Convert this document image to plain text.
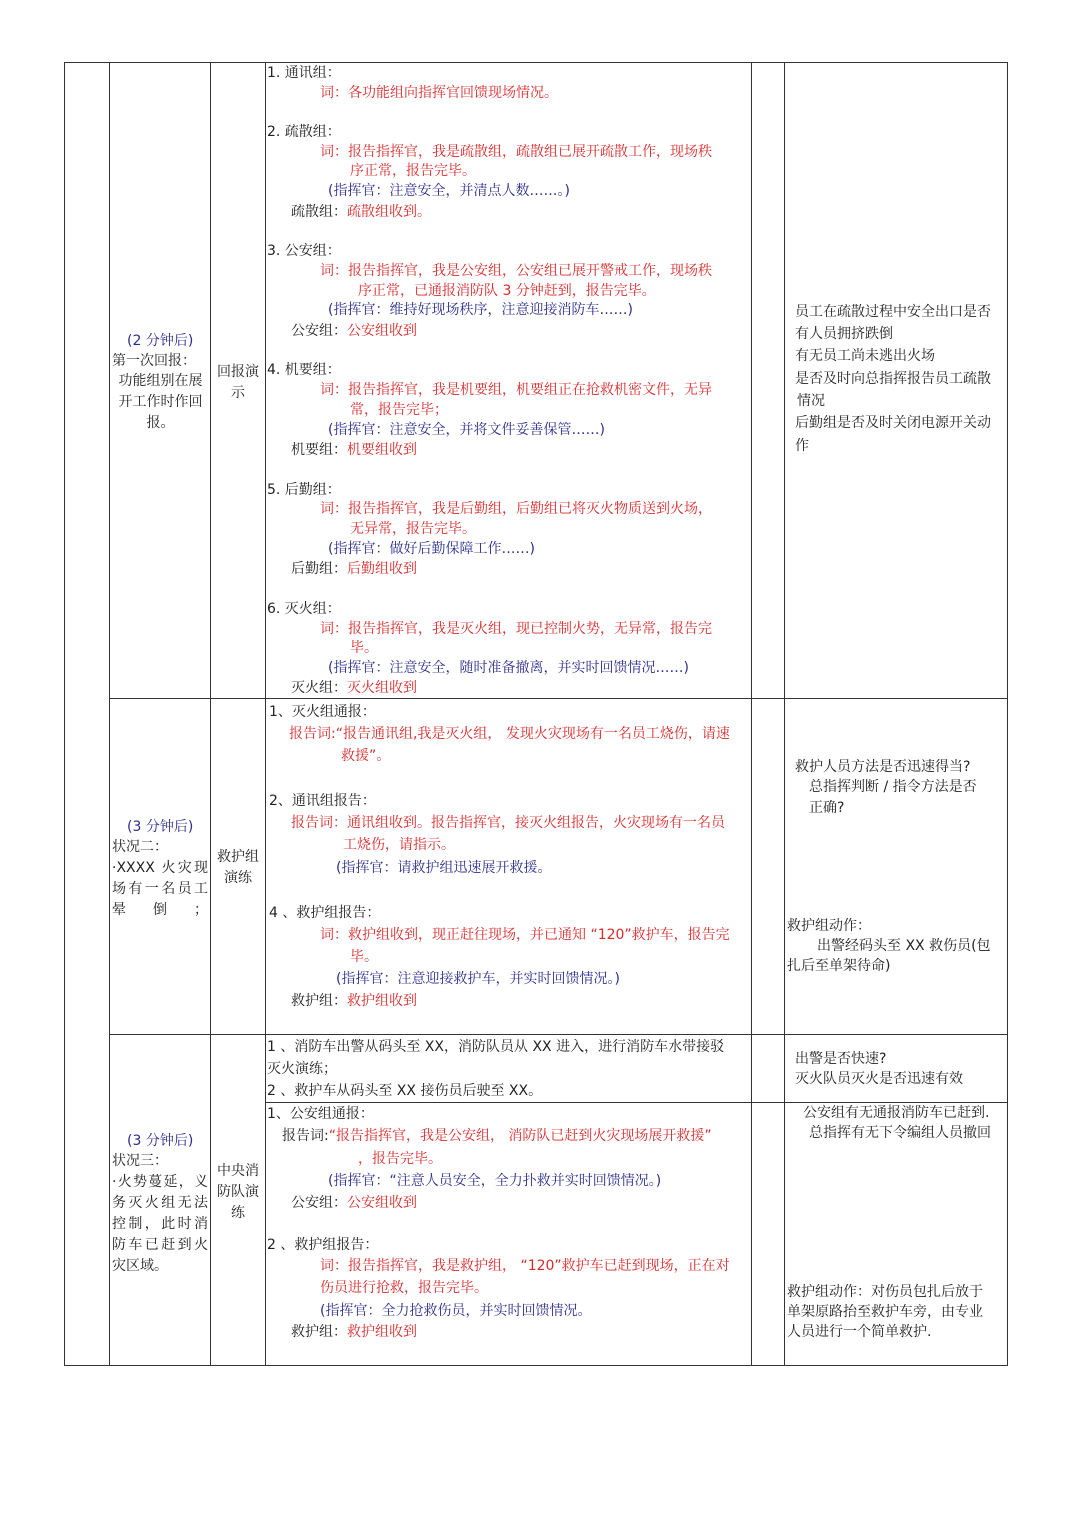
(2 分钟后)
第一次回报：
功能组别在展开工作时作回报。
回报演示
1. 通讯组：
词：各功能组向指挥官回馈现场情况。
2. 疏散组：
词：报告指挥官，我是疏散组，疏散组已展开疏散工作，现场秩
序正常，报告完毕。
(指挥官：注意安全，并清点人数……。)
疏散组：疏散组收到。
3. 公安组：
词：报告指挥官，我是公安组，公安组已展开警戒工作，现场秩
序正常，已通报消防队 3 分钟赶到，报告完毕。
(指挥官：维持好现场秩序，注意迎接消防车……)
公安组：公安组收到
4. 机要组：
词：报告指挥官，我是机要组，机要组正在抢救机密文件，无异
常，报告完毕；
(指挥官：注意安全，并将文件妥善保管……)
机要组：机要组收到
5. 后勤组：
词：报告指挥官，我是后勤组，后勤组已将灭火物质送到火场，
无异常，报告完毕。
(指挥官：做好后勤保障工作……)
后勤组：后勤组收到
6. 灭火组：
词：报告指挥官，我是灭火组，现已控制火势，无异常，报告完
毕。
(指挥官：注意安全，随时准备撤离，并实时回馈情况……)
灭火组：灭火组收到
员工在疏散过程中安全出口是否
有人员拥挤跌倒
有无员工尚未逃出火场
是否及时向总指挥报告员工疏散
情况
后勤组是否及时关闭电源开关动
作
(3 分钟后)
状况二：
·XXXX 火灾现场有一名员工晕倒；
救护组演练
1、灭火组通报：
报告词:“报告通讯组,我是灭火组， 发现火灾现场有一名员工烧伤，请速
救援”。
2、通讯组报告：
报告词：通讯组收到。报告指挥官，接灭火组报告，火灾现场有一名员
工烧伤，请指示。
(指挥官：请救护组迅速展开救援。
4 、救护组报告：
词：救护组收到，现正赶往现场，并已通知 “120”救护车，报告完
毕。
(指挥官：注意迎接救护车，并实时回馈情况。)
救护组：救护组收到
救护人员方法是否迅速得当?
总指挥判断 / 指令方法是否
正确?
救护组动作：
出警经码头至 XX 救伤员(包
扎后至单架待命)
(3 分钟后)
状况三：
·火势蔓延，义务灭火组无法控制，此时消防车已赶到火灾区域。
中央消防队演练
1 、消防车出警从码头至 XX，消防队员从 XX 进入，进行消防车水带接驳
灭火演练；
2 、救护车从码头至 XX 接伤员后驶至 XX。
出警是否快速?
灭火队员灭火是否迅速有效
1、公安组通报：
报告词:“报告指挥官，我是公安组， 消防队已赶到火灾现场展开救援”
，报告完毕。
(指挥官：“注意人员安全，全力扑救并实时回馈情况。)
公安组：公安组收到
2 、救护组报告：
词：报告指挥官，我是救护组， “120”救护车已赶到现场，正在对
伤员进行抢救，报告完毕。
(指挥官：全力抢救伤员，并实时回馈情况。
救护组：救护组收到
公安组有无通报消防车已赶到.
总指挥有无下令编组人员撤回
救护组动作：对伤员包扎后放于
单架原路抬至救护车旁，由专业
人员进行一个简单救护.
